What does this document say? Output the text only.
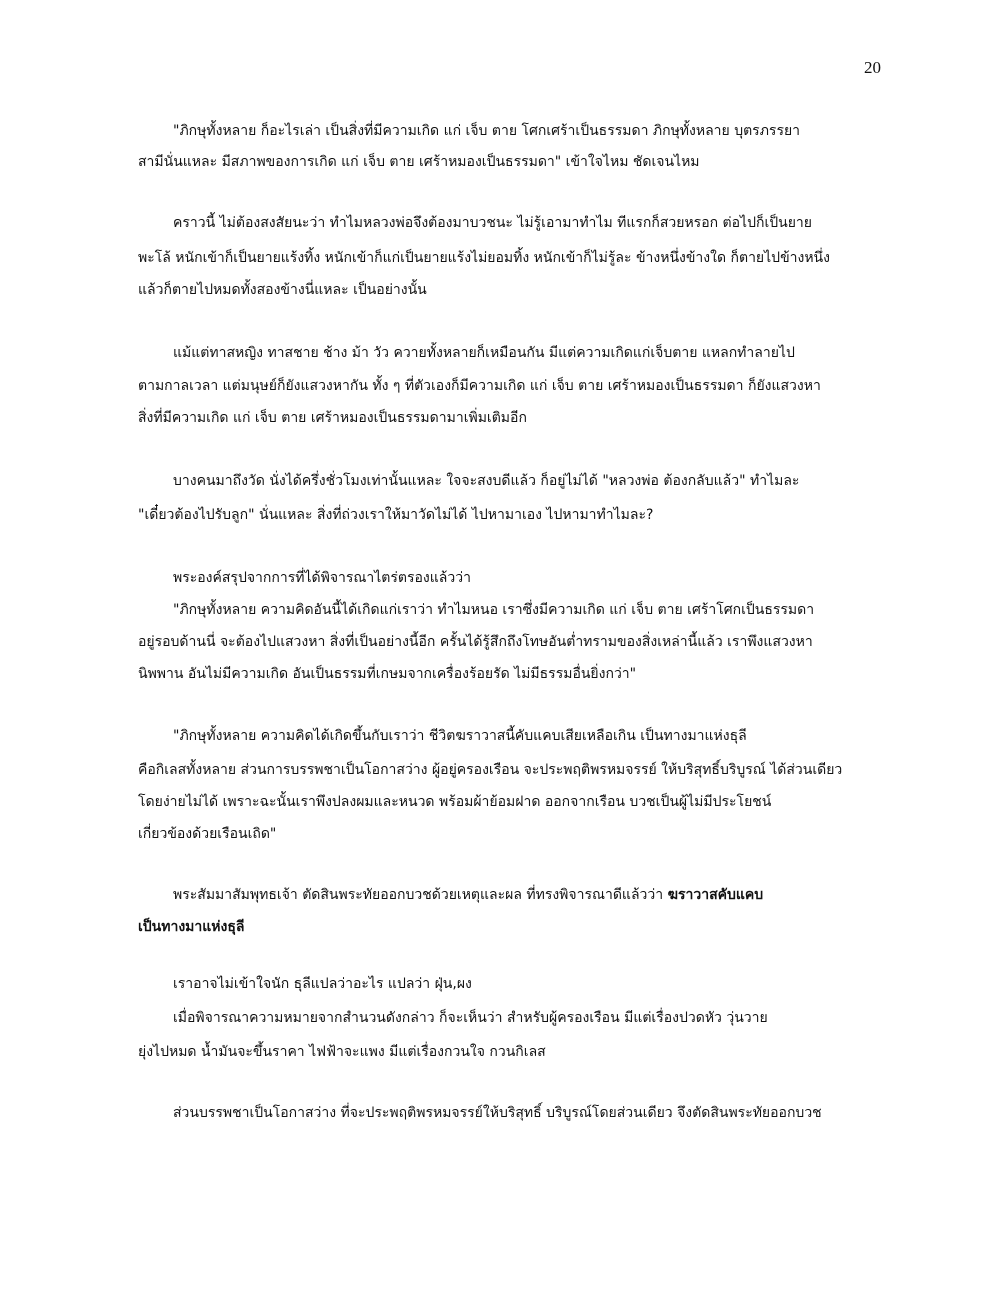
20
"ภิกษุทั้งหลาย ก็อะไรเล่า เป็นสิ่งที่มีความเกิด แก่ เจ็บ ตาย โศกเศร้าเป็นธรรมดา ภิกษุทั้งหลาย บุตรภรรยา
สามีนั่นแหละ มีสภาพของการเกิด แก่ เจ็บ ตาย เศร้าหมองเป็นธรรมดา" เข้าใจไหม ชัดเจนไหม
คราวนี้ ไม่ต้องสงสัยนะว่า ทำไมหลวงพ่อจึงต้องมาบวชนะ ไม่รู้เอามาทำไม ทีแรกก็สวยหรอก ต่อไปก็เป็นยาย
พะโล้ หนักเข้าก็เป็นยายแร้งทิ้ง หนักเข้าก็แก่เป็นยายแร้งไม่ยอมทิ้ง หนักเข้าก็ไม่รู้ละ ข้างหนึ่งข้างใด ก็ตายไปข้างหนึ่ง
แล้วก็ตายไปหมดทั้งสองข้างนี่แหละ เป็นอย่างนั้น
แม้แต่ทาสหญิง ทาสชาย ช้าง ม้า วัว ควายทั้งหลายก็เหมือนกัน มีแต่ความเกิดแก่เจ็บตาย แหลกทำลายไป
ตามกาลเวลา แต่มนุษย์ก็ยังแสวงหากัน ทั้ง ๆ ที่ตัวเองก็มีความเกิด แก่ เจ็บ ตาย เศร้าหมองเป็นธรรมดา ก็ยังแสวงหา
สิ่งที่มีความเกิด แก่ เจ็บ ตาย เศร้าหมองเป็นธรรมดามาเพิ่มเติมอีก
บางคนมาถึงวัด นั่งได้ครึ่งชั่วโมงเท่านั้นแหละ ใจจะสงบดีแล้ว ก็อยู่ไม่ได้ "หลวงพ่อ ต้องกลับแล้ว" ทำไมละ
"เดี๋ยวต้องไปรับลูก" นั่นแหละ สิ่งที่ถ่วงเราให้มาวัดไม่ได้ ไปหามาเอง ไปหามาทำไมละ?
พระองค์สรุปจากการที่ได้พิจารณาไตร่ตรองแล้วว่า
"ภิกษุทั้งหลาย ความคิดอันนี้ได้เกิดแก่เราว่า ทำไมหนอ เราซึ่งมีความเกิด แก่ เจ็บ ตาย เศร้าโศกเป็นธรรมดา
อยู่รอบด้านนี่ จะต้องไปแสวงหา สิ่งที่เป็นอย่างนี้อีก ครั้นได้รู้สึกถึงโทษอันต่ำทรามของสิ่งเหล่านี้แล้ว เราพึงแสวงหา
นิพพาน อันไม่มีความเกิด อันเป็นธรรมที่เกษมจากเครื่องร้อยรัด ไม่มีธรรมอื่นยิ่งกว่า"
"ภิกษุทั้งหลาย ความคิดได้เกิดขึ้นกับเราว่า ชีวิตฆราวาสนี้คับแคบเสียเหลือเกิน เป็นทางมาแห่งธุลี
คือกิเลสทั้งหลาย ส่วนการบรรพชาเป็นโอกาสว่าง ผู้อยู่ครองเรือน จะประพฤติพรหมจรรย์ ให้บริสุทธิ์บริบูรณ์ ได้ส่วนเดียว
โดยง่ายไม่ได้ เพราะฉะนั้นเราพึงปลงผมและหนวด พร้อมผ้าย้อมฝาด ออกจากเรือน บวชเป็นผู้ไม่มีประโยชน์
เกี่ยวข้องด้วยเรือนเถิด"
พระสัมมาสัมพุทธเจ้า ตัดสินพระทัยออกบวชด้วยเหตุและผล ที่ทรงพิจารณาดีแล้วว่า ฆราวาสคับแคบ
เป็นทางมาแห่งธุลี
เราอาจไม่เข้าใจนัก ธุลีแปลว่าอะไร แปลว่า ฝุ่น,ผง
เมื่อพิจารณาความหมายจากสำนวนดังกล่าว ก็จะเห็นว่า สำหรับผู้ครองเรือน มีแต่เรื่องปวดหัว วุ่นวาย
ยุ่งไปหมด น้ำมันจะขึ้นราคา ไฟฟ้าจะแพง มีแต่เรื่องกวนใจ กวนกิเลส
ส่วนบรรพชาเป็นโอกาสว่าง ที่จะประพฤติพรหมจรรย์ให้บริสุทธิ์ บริบูรณ์โดยส่วนเดียว จึงตัดสินพระทัยออกบวช
